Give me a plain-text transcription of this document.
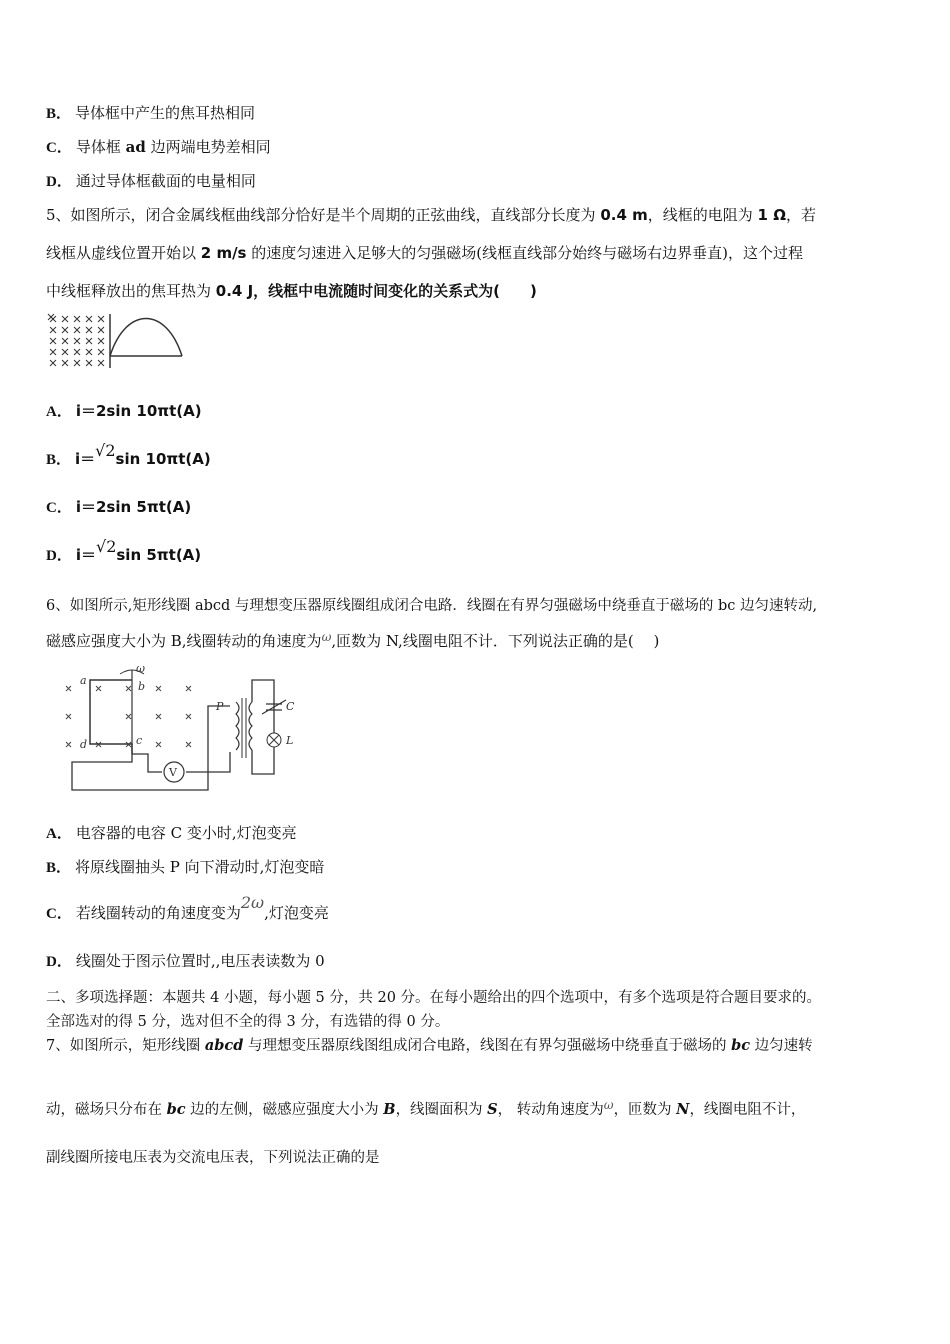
B． 导体框中产生的焦耳热相同
C． 导体框 ad 边两端电势差相同
D． 通过导体框截面的电量相同
5、如图所示，闭合金属线框曲线部分恰好是半个周期的正弦曲线，直线部分长度为 0.4 m，线框的电阻为 1 Ω，若
线框从虚线位置开始以 2 m/s 的速度匀速进入足够大的匀强磁场(线框直线部分始终与磁场右边界垂直)，这个过程
中线框释放出的焦耳热为 0.4 J，线框中电流随时间变化的关系式为(　　)
A． i＝2sin 10πt(A)
B． i＝√2sin 10πt(A)
C． i＝2sin 5πt(A)
D． i＝√2sin 5πt(A)
6、如图所示,矩形线圈 abcd 与理想变压器原线圈组成闭合电路．线圈在有界匀强磁场中绕垂直于磁场的 bc 边匀速转动,
磁感应强度大小为 B,线圈转动的角速度为$^\omega$,匝数为 N,线圈电阻不计．下列说法正确的是(　 )
ω
a	b
c
d
V
P	C
L
A． 电容器的电容 C 变小时,灯泡变亮
B． 将原线圈抽头 P 向下滑动时,灯泡变暗
C． 若线圈转动的角速度变为2ω,灯泡变亮
D． 线圈处于图示位置时,,电压表读数为 0
二、多项选择题：本题共 4 小题，每小题 5 分，共 20 分。在每小题给出的四个选项中，有多个选项是符合题目要求的。
全部选对的得 5 分，选对但不全的得 3 分，有选错的得 0 分。
7、如图所示，矩形线圈 abcd 与理想变压器原线图组成闭合电路，线图在有界匀强磁场中绕垂直于磁场的 bc 边匀速转
动，磁场只分布在 bc 边的左侧，磁感应强度大小为 B，线圈面积为 S， 转动角速度为$^\omega$，匝数为 N，线圈电阻不计，
副线圈所接电压表为交流电压表，下列说法正确的是
